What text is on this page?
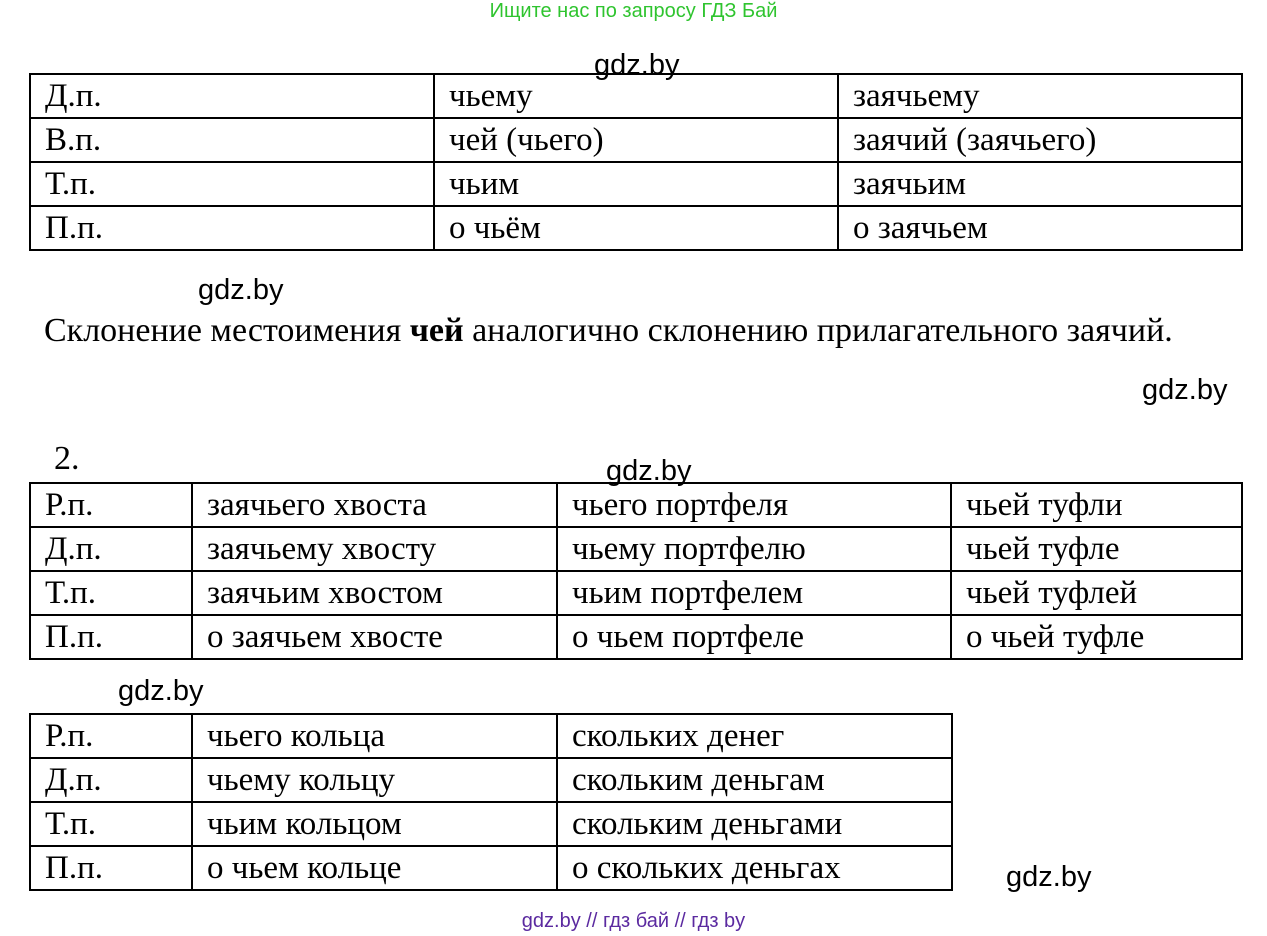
Ищите нас по запросу ГДЗ Бай
gdz.by
Д.п.	чьему	заячьему
В.п.	чей (чьего)	заячий (заячьего)
Т.п.	чьим	заячьим
П.п.	о чьём	о заячьем
gdz.by
Склонение местоимения чей аналогично склонению прилагательного заячий.
gdz.by
2.	gdz.by
Р.п.	заячьего хвоста	чьего портфеля	чьей туфли
Д.п.	заячьему хвосту	чьему портфелю	чьей туфле
Т.п.	заячьим хвостом	чьим портфелем	чьей туфлей
П.п.	о заячьем хвосте	о чьем портфеле	о чьей туфле
gdz.by
Р.п.	чьего кольца	скольких денег
Д.п.	чьему кольцу	скольким деньгам
Т.п.	чьим кольцом	скольким деньгами
П.п.	о чьем кольце	о скольких деньгах	gdz.by
gdz.by // гдз бай // гдз by
